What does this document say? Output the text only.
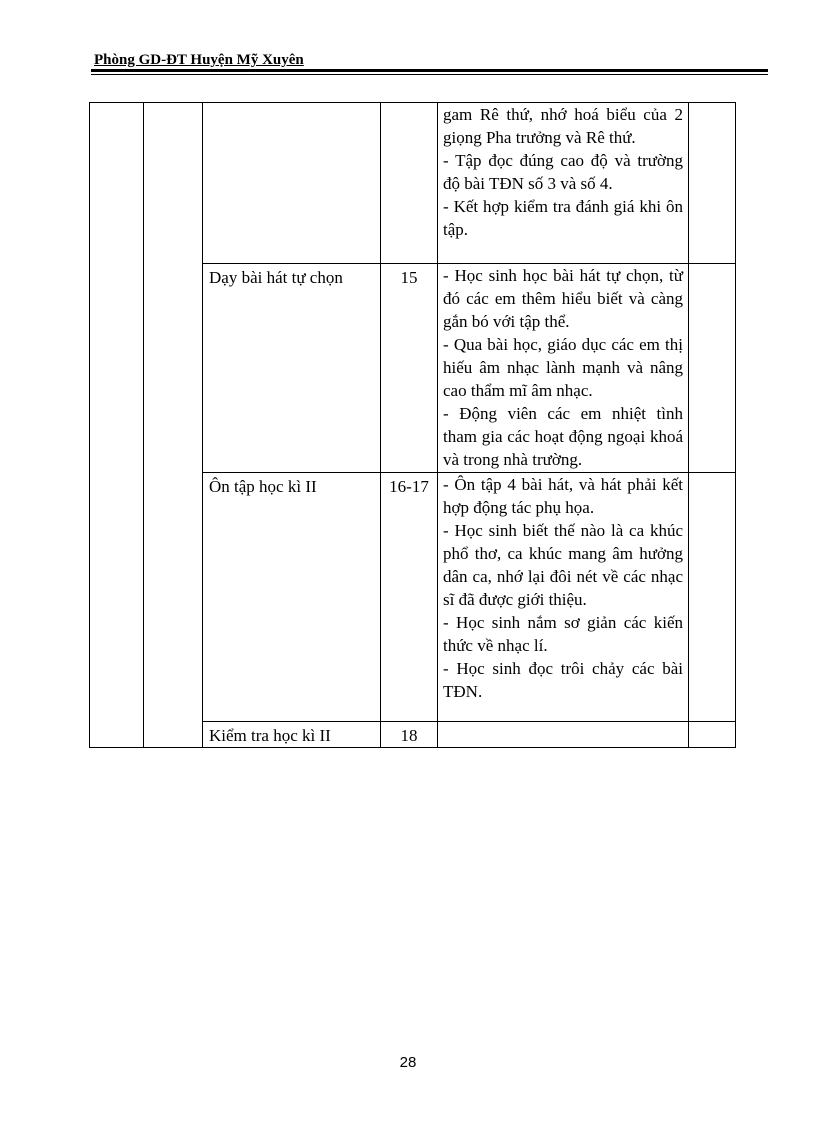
Phòng GD-ĐT Huyện Mỹ Xuyên

				gam Rê thứ, nhớ hoá biểu của 2 giọng Pha trưởng và Rê thứ.
- Tập đọc đúng cao độ và trường độ bài TĐN số 3 và số 4.
- Kết hợp kiểm tra đánh giá khi ôn tập.	

		Dạy bài hát tự chọn	15	- Học sinh học bài hát tự chọn, từ đó các em thêm hiểu biết và càng gắn bó với tập thể.
- Qua bài học, giáo dục các em thị hiếu âm nhạc lành mạnh và nâng cao thẩm mĩ âm nhạc.
- Động viên các em nhiệt tình tham gia các hoạt động ngoại khoá và trong nhà trường.	

		Ôn tập học kì II	16-17	- Ôn tập 4 bài hát, và hát phải kết hợp động tác phụ họa.
- Học sinh biết thế nào là ca khúc phổ thơ, ca khúc mang âm hưởng dân ca, nhớ lại đôi nét về các nhạc sĩ đã được giới thiệu.
- Học sinh nắm sơ giản các kiến thức về nhạc lí.
- Học sinh đọc trôi chảy các bài TĐN.	

		Kiểm tra học kì II	18		
28
